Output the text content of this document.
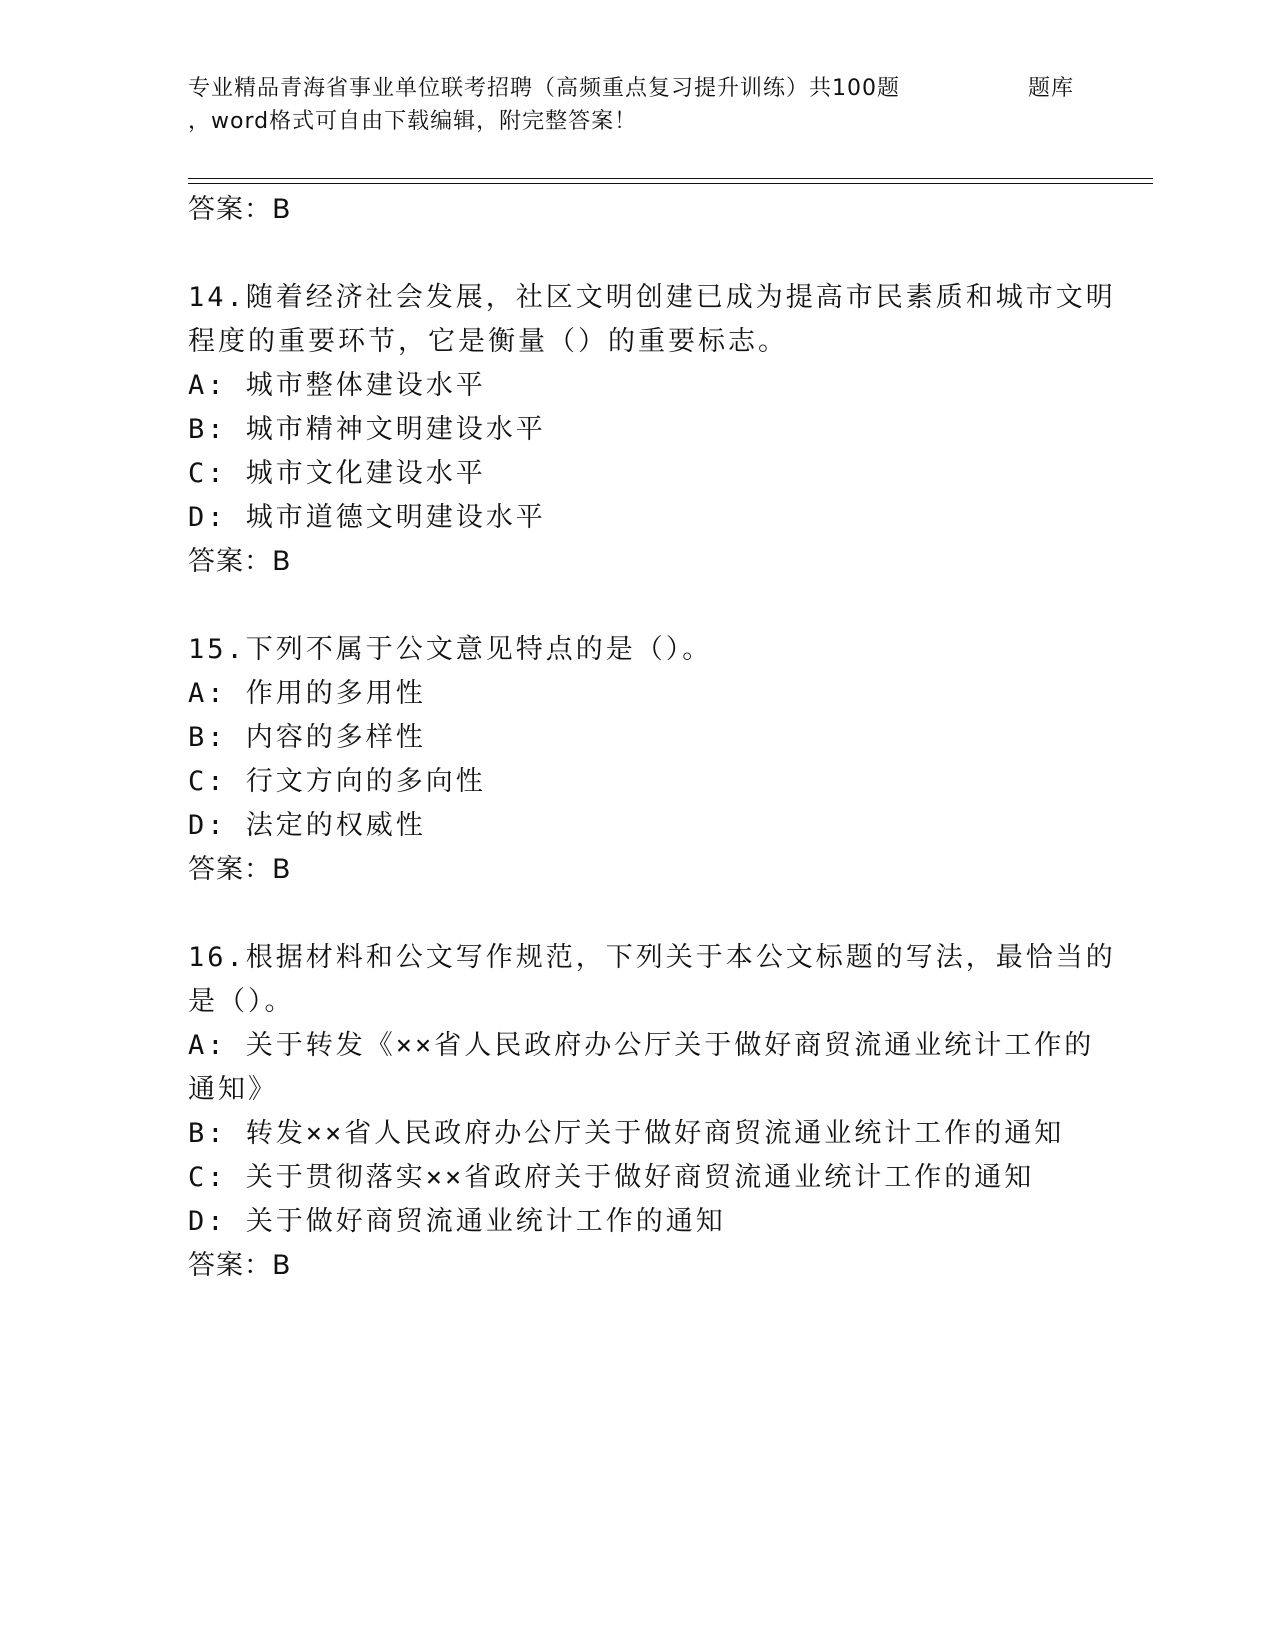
专业精品青海省事业单位联考招聘（高频重点复习提升训练）共100题	题库
，word格式可自由下载编辑，附完整答案！
答案：B
14.随着经济社会发展，社区文明创建已成为提高市民素质和城市文明
程度的重要环节，它是衡量（）的重要标志。
A: 城市整体建设水平
B: 城市精神文明建设水平
C: 城市文化建设水平
D: 城市道德文明建设水平
答案：B
15.下列不属于公文意见特点的是（）。
A: 作用的多用性
B: 内容的多样性
C: 行文方向的多向性
D: 法定的权威性
答案：B
16.根据材料和公文写作规范，下列关于本公文标题的写法，最恰当的
是（）。
A: 关于转发《××省人民政府办公厅关于做好商贸流通业统计工作的
通知》
B: 转发××省人民政府办公厅关于做好商贸流通业统计工作的通知
C: 关于贯彻落实××省政府关于做好商贸流通业统计工作的通知
D: 关于做好商贸流通业统计工作的通知
答案：B
